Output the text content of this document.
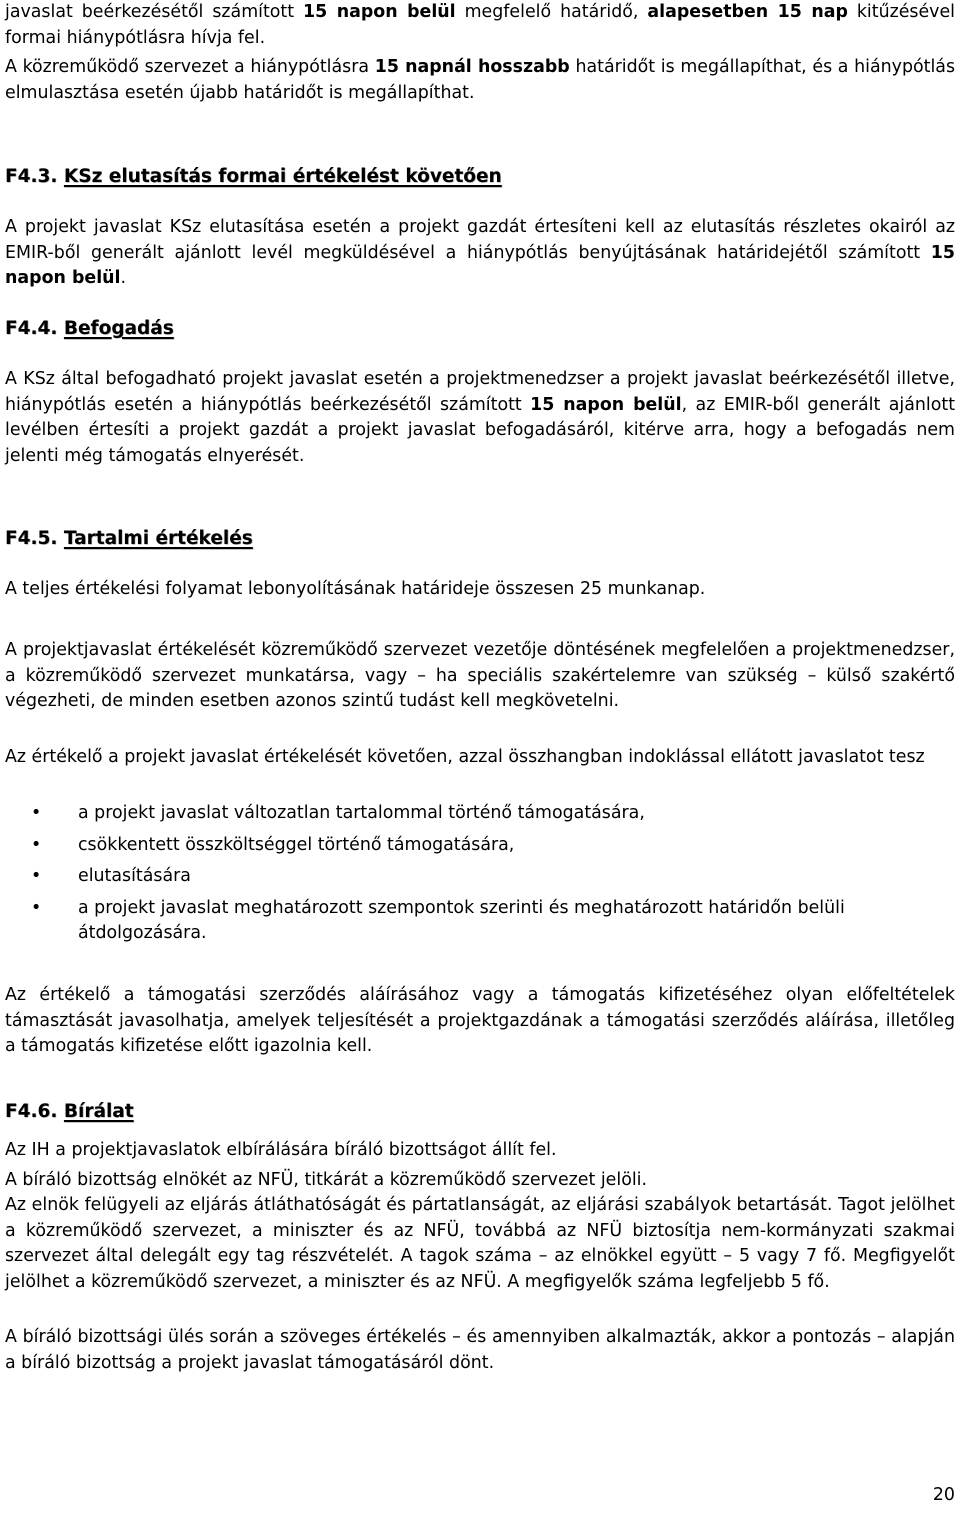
javaslat beérkezésétől számított 15 napon belül megfelelő határidő, alapesetben 15 nap kitűzésével formai hiánypótlásra hívja fel.

A közreműködő szervezet a hiánypótlásra 15 napnál hosszabb határidőt is megállapíthat, és a hiánypótlás elmulasztása esetén újabb határidőt is megállapíthat.

F4.3. KSz elutasítás formai értékelést követően

A projekt javaslat KSz elutasítása esetén a projekt gazdát értesíteni kell az elutasítás részletes okairól az EMIR-ből generált ajánlott levél megküldésével a hiánypótlás benyújtásának határidejétől számított 15 napon belül.

F4.4. Befogadás

A KSz által befogadható projekt javaslat esetén a projektmenedzser a projekt javaslat beérkezésétől illetve, hiánypótlás esetén a hiánypótlás beérkezésétől számított 15 napon belül, az EMIR-ből generált ajánlott levélben értesíti a projekt gazdát a projekt javaslat befogadásáról, kitérve arra, hogy a befogadás nem jelenti még támogatás elnyerését.

F4.5. Tartalmi értékelés

A teljes értékelési folyamat lebonyolításának határideje összesen 25 munkanap.

A projektjavaslat értékelését közreműködő szervezet vezetője döntésének megfelelően a projektmenedzser, a közreműködő szervezet munkatársa, vagy – ha speciális szakértelemre van szükség – külső szakértő végezheti, de minden esetben azonos szintű tudást kell megkövetelni.

Az értékelő a projekt javaslat értékelését követően, azzal összhangban indoklással ellátott javaslatot tesz

• a projekt javaslat változatlan tartalommal történő támogatására,
• csökkentett összköltséggel történő támogatására,
• elutasítására
• a projekt javaslat meghatározott szempontok szerinti és meghatározott határidőn belüli átdolgozására.

Az értékelő a támogatási szerződés aláírásához vagy a támogatás kifizetéséhez olyan előfeltételek támasztását javasolhatja, amelyek teljesítését a projektgazdának a támogatási szerződés aláírása, illetőleg a támogatás kifizetése előtt igazolnia kell.

F4.6. Bírálat

Az IH a projektjavaslatok elbírálására bíráló bizottságot állít fel.

A bíráló bizottság elnökét az NFÜ, titkárát a közreműködő szervezet jelöli.

Az elnök felügyeli az eljárás átláthatóságát és pártatlanságát, az eljárási szabályok betartását. Tagot jelölhet a közreműködő szervezet, a miniszter és az NFÜ, továbbá az NFÜ biztosítja nem-kormányzati szakmai szervezet által delegált egy tag részvételét. A tagok száma – az elnökkel együtt – 5 vagy 7 fő. Megfigyelőt jelölhet a közreműködő szervezet, a miniszter és az NFÜ. A megfigyelők száma legfeljebb 5 fő.

A bíráló bizottsági ülés során a szöveges értékelés – és amennyiben alkalmazták, akkor a pontozás – alapján a bíráló bizottság a projekt javaslat támogatásáról dönt.

20
